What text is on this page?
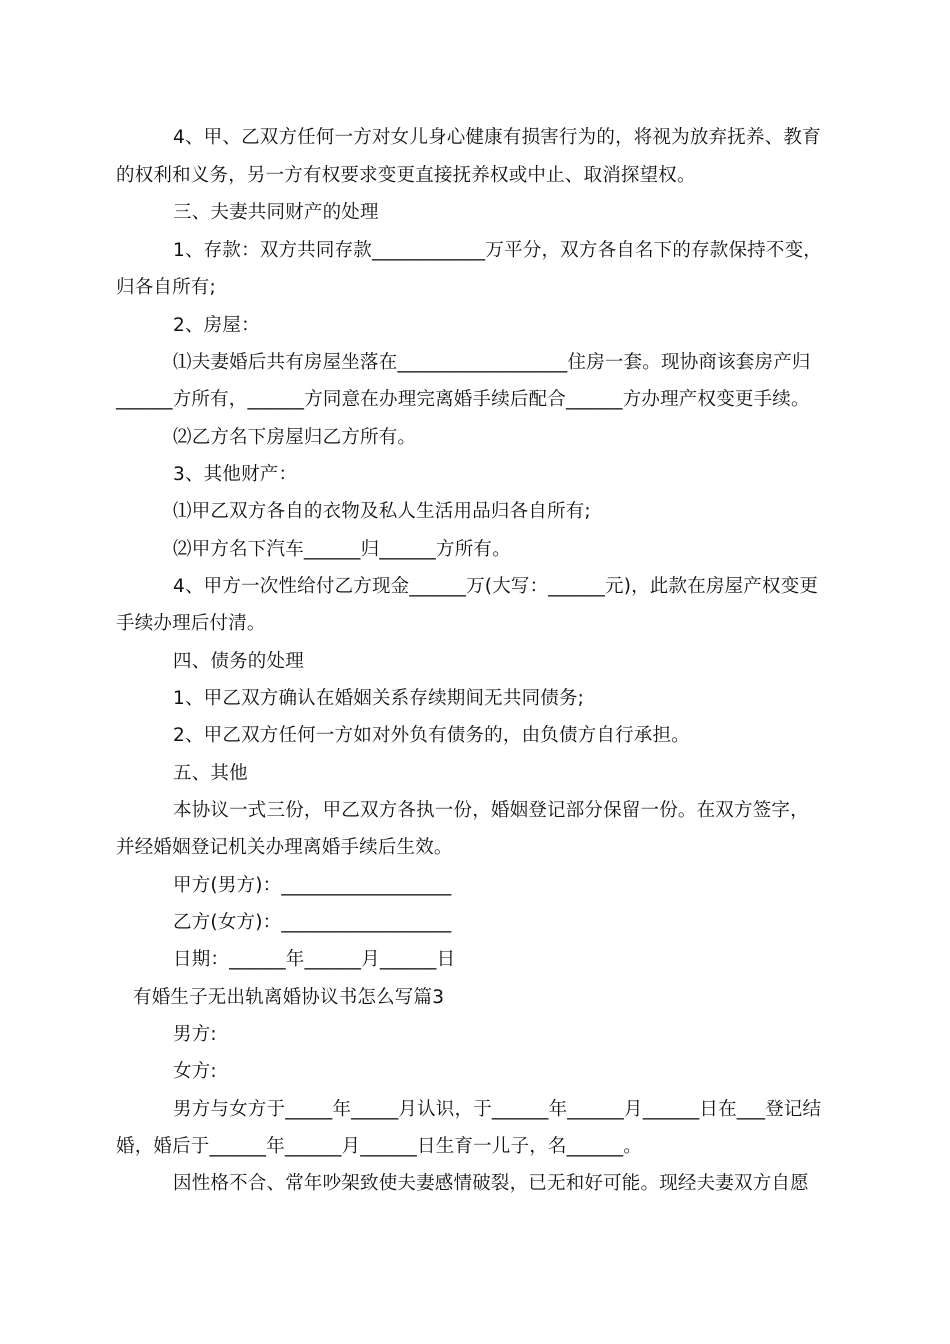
4、甲、乙双方任何一方对女儿身心健康有损害行为的，将视为放弃抚养、教育
的权利和义务，另一方有权要求变更直接抚养权或中止、取消探望权。
三、夫妻共同财产的处理
1、存款：双方共同存款____________万平分，双方各自名下的存款保持不变，
归各自所有;
2、房屋：
⑴夫妻婚后共有房屋坐落在__________________住房一套。现协商该套房产归
______方所有，______方同意在办理完离婚手续后配合______方办理产权变更手续。
⑵乙方名下房屋归乙方所有。
3、其他财产：
⑴甲乙双方各自的衣物及私人生活用品归各自所有;
⑵甲方名下汽车______归______方所有。
4、甲方一次性给付乙方现金______万(大写：______元)，此款在房屋产权变更
手续办理后付清。
四、债务的处理
1、甲乙双方确认在婚姻关系存续期间无共同债务;
2、甲乙双方任何一方如对外负有债务的，由负债方自行承担。
五、其他
本协议一式三份，甲乙双方各执一份，婚姻登记部分保留一份。在双方签字，
并经婚姻登记机关办理离婚手续后生效。
甲方(男方)：__________________
乙方(女方)：__________________
日期：______年______月______日
有婚生子无出轨离婚协议书怎么写篇3
男方:
女方:
男方与女方于_____年_____月认识，于______年______月______日在___登记结
婚，婚后于______年______月______日生育一儿子，名______。
因性格不合、常年吵架致使夫妻感情破裂，已无和好可能。现经夫妻双方自愿
